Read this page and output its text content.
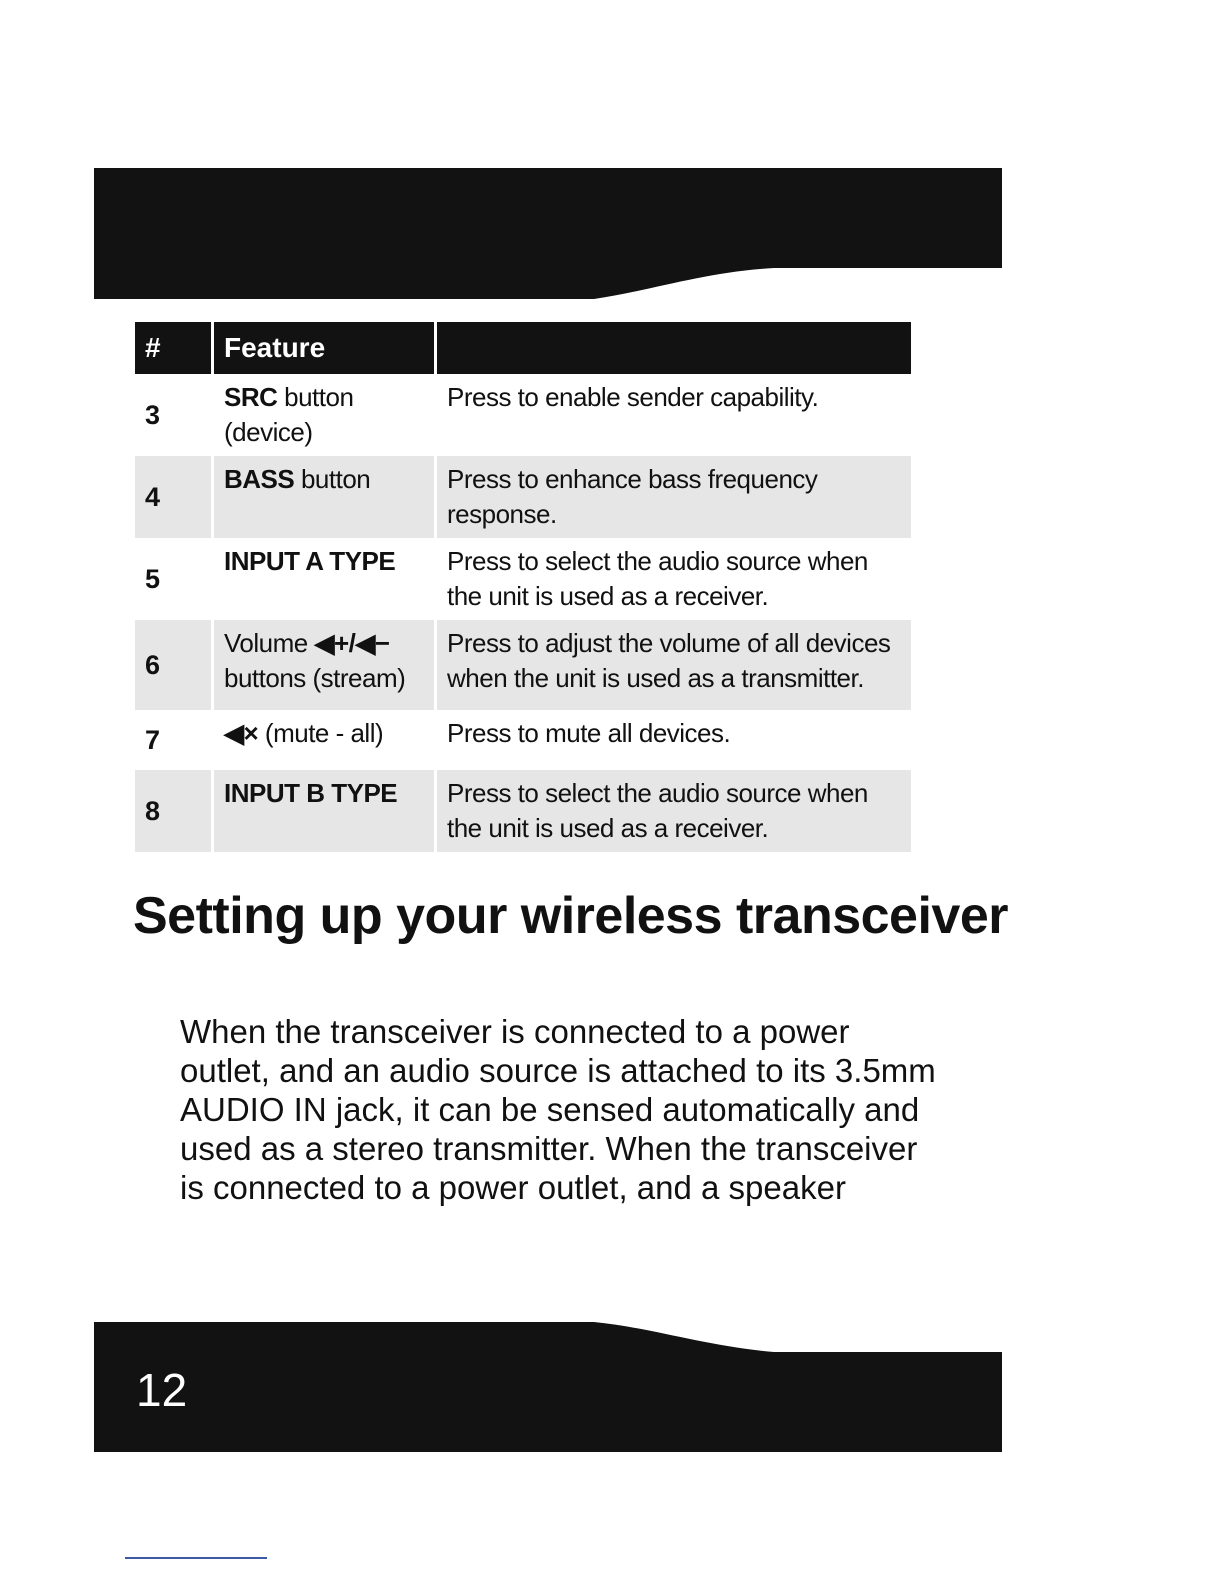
#	Feature	
3	SRC button (device)	Press to enable sender capability.
4	BASS button	Press to enhance bass frequency response.
5	INPUT A TYPE	Press to select the audio source when the unit is used as a receiver.
6	Volume ◀+/◀− buttons (stream)	Press to adjust the volume of all devices when the unit is used as a transmitter.
7	◀× (mute - all)	Press to mute all devices.
8	INPUT B TYPE	Press to select the audio source when the unit is used as a receiver.
Setting up your wireless transceiver

When the transceiver is connected to a power outlet, and an audio source is attached to its 3.5mm AUDIO IN jack, it can be sensed automatically and used as a stereo transmitter. When the transceiver is connected to a power outlet, and a speaker

12
